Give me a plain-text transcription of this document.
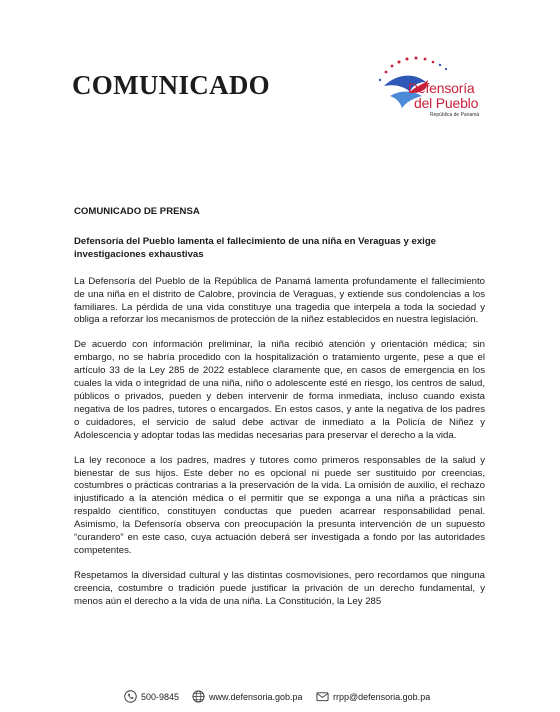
COMUNICADO	Defensoría
del Pueblo
República de Panamá

COMUNICADO DE PRENSA

Defensoría del Pueblo lamenta el fallecimiento de una niña en Veraguas y exige investigaciones exhaustivas

La Defensoría del Pueblo de la República de Panamá lamenta profundamente el fallecimiento de una niña en el distrito de Calobre, provincia de Veraguas, y extiende sus condolencias a los familiares. La pérdida de una vida constituye una tragedia que interpela a toda la sociedad y obliga a reforzar los mecanismos de protección de la niñez establecidos en nuestra legislación.

De acuerdo con información preliminar, la niña recibió atención y orientación médica; sin embargo, no se habría procedido con la hospitalización o tratamiento urgente, pese a que el artículo 33 de la Ley 285 de 2022 establece claramente que, en casos de emergencia en los cuales la vida o integridad de una niña, niño o adolescente esté en riesgo, los centros de salud, públicos o privados, pueden y deben intervenir de forma inmediata, incluso cuando exista negativa de los padres, tutores o encargados. En estos casos, y ante la negativa de los padres o cuidadores, el servicio de salud debe activar de inmediato a la Policía de Niñez y Adolescencia y adoptar todas las medidas necesarias para preservar el derecho a la vida.

La ley reconoce a los padres, madres y tutores como primeros responsables de la salud y bienestar de sus hijos. Este deber no es opcional ni puede ser sustituido por creencias, costumbres o prácticas contrarias a la preservación de la vida. La omisión de auxilio, el rechazo injustificado a la atención médica o el permitir que se exponga a una niña a prácticas sin respaldo científico, constituyen conductas que pueden acarrear responsabilidad penal. Asimismo, la Defensoría observa con preocupación la presunta intervención de un supuesto “curandero” en este caso, cuya actuación deberá ser investigada a fondo por las autoridades competentes.

Respetamos la diversidad cultural y las distintas cosmovisiones, pero recordamos que ninguna creencia, costumbre o tradición puede justificar la privación de un derecho fundamental, y menos aún el derecho a la vida de una niña. La Constitución, la Ley 285

500-9845	www.defensoria.gob.pa	rrpp@defensoria.gob.pa
